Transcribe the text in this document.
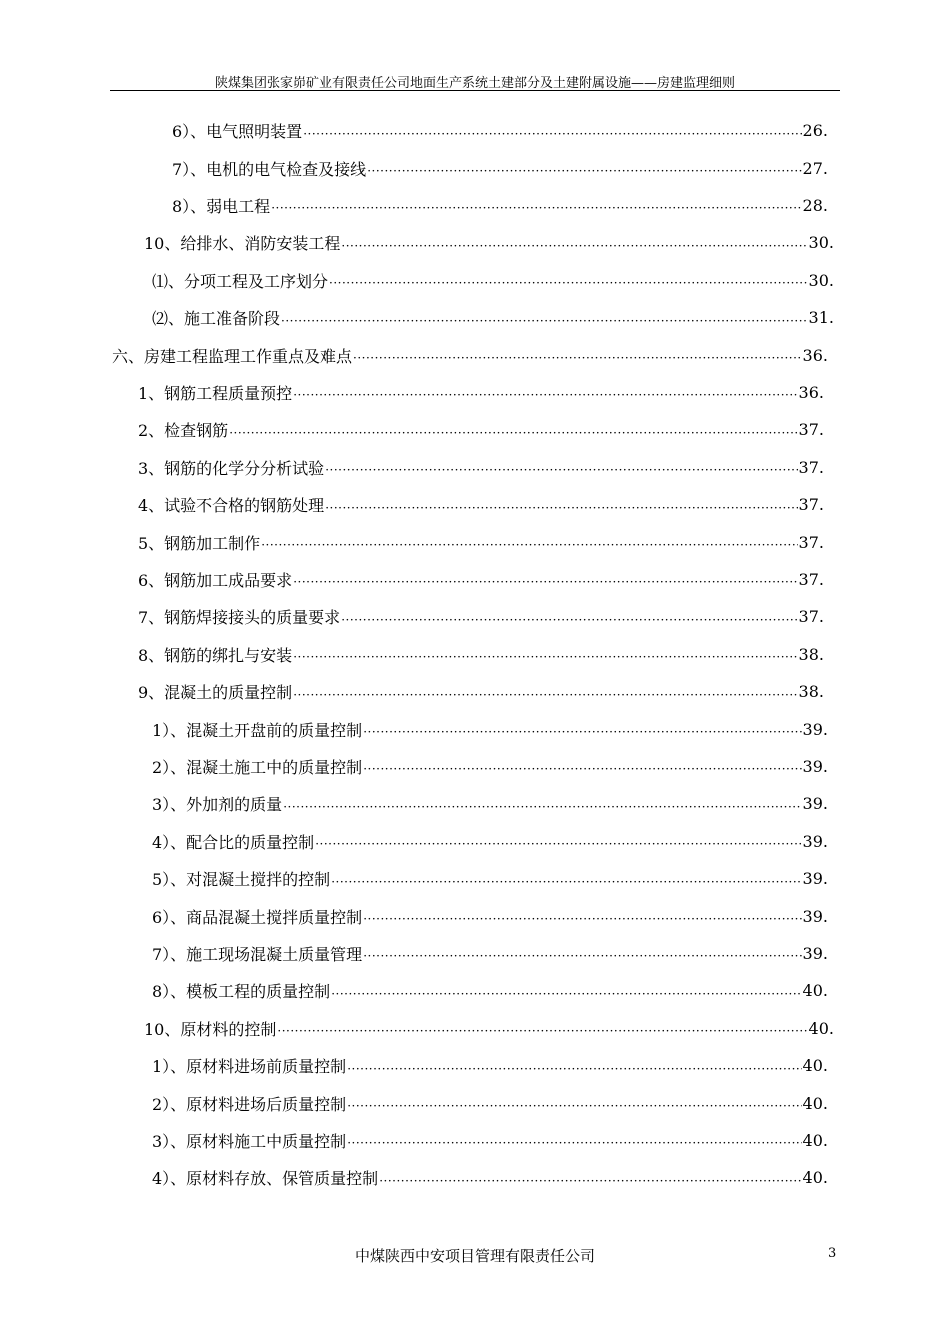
陕煤集团张家峁矿业有限责任公司地面生产系统土建部分及土建附属设施——房建监理细则
6）、电气照明装置 ·····	26.
7）、电机的电气检查及接线 ·····	27.
8）、弱电工程 ·····	28.
10、给排水、消防安装工程 ·····	30.
⑴、分项工程及工序划分 ·····	30.
⑵、施工准备阶段 ·····	31.
六、房建工程监理工作重点及难点 ·····	36.
1、钢筋工程质量预控 ·····	36.
2、检查钢筋 ·····	37.
3、钢筋的化学分分析试验 ·····	37.
4、试验不合格的钢筋处理 ·····	37.
5、钢筋加工制作 ·····	37.
6、钢筋加工成品要求 ·····	37.
7、钢筋焊接接头的质量要求 ·····	37.
8、钢筋的绑扎与安装 ·····	38.
9、混凝土的质量控制 ·····	38.
1）、混凝土开盘前的质量控制 ·····	39.
2）、混凝土施工中的质量控制 ·····	39.
3）、外加剂的质量 ·····	39.
4）、配合比的质量控制 ·····	39.
5）、对混凝土搅拌的控制 ·····	39.
6）、商品混凝土搅拌质量控制 ·····	39.
7）、施工现场混凝土质量管理 ·····	39.
8）、模板工程的质量控制 ·····	40.
10、原材料的控制 ·····	40.
1）、原材料进场前质量控制 ·····	40.
2）、原材料进场后质量控制 ·····	40.
3）、原材料施工中质量控制 ·····	40.
4）、原材料存放、保管质量控制 ·····	40.
中煤陕西中安项目管理有限责任公司	3
